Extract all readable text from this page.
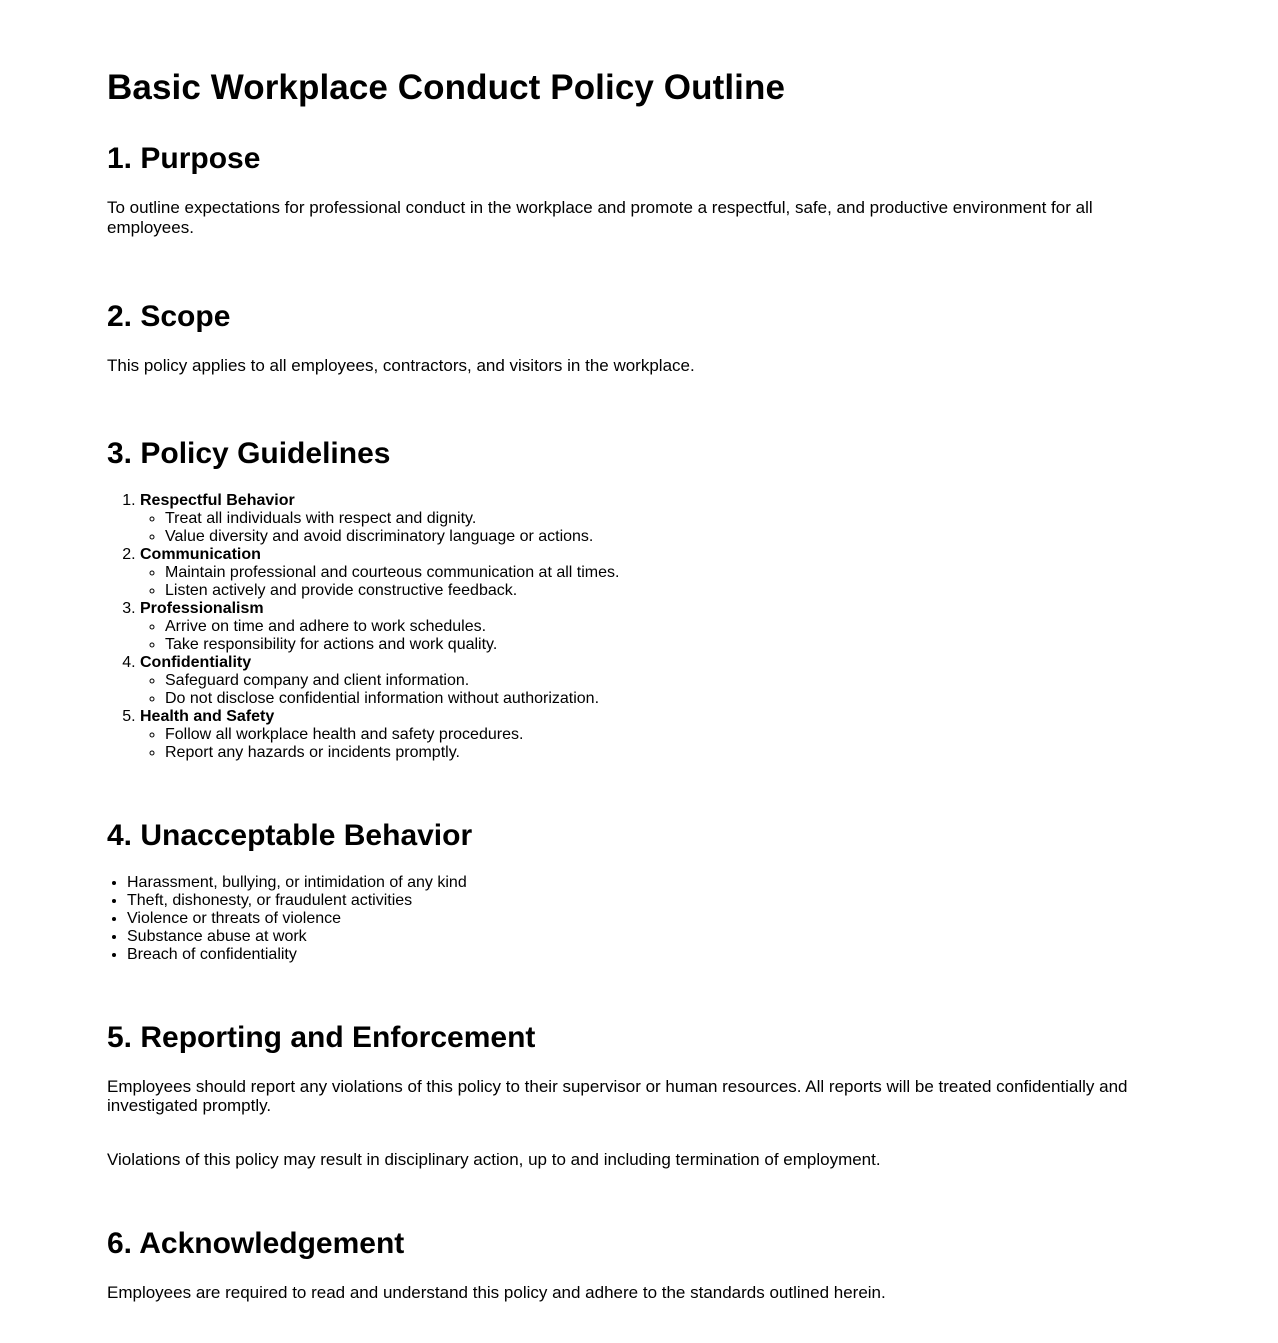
Basic Workplace Conduct Policy Outline
1. Purpose

To outline expectations for professional conduct in the workplace and promote a respectful, safe, and productive environment for all employees.

2. Scope

This policy applies to all employees, contractors, and visitors in the workplace.

3. Policy Guidelines
1. Respectful Behavior
◦ Treat all individuals with respect and dignity.
◦ Value diversity and avoid discriminatory language or actions.
2. Communication
◦ Maintain professional and courteous communication at all times.
◦ Listen actively and provide constructive feedback.
3. Professionalism
◦ Arrive on time and adhere to work schedules.
◦ Take responsibility for actions and work quality.
4. Confidentiality
◦ Safeguard company and client information.
◦ Do not disclose confidential information without authorization.
5. Health and Safety
◦ Follow all workplace health and safety procedures.
◦ Report any hazards or incidents promptly.
4. Unacceptable Behavior
• Harassment, bullying, or intimidation of any kind
• Theft, dishonesty, or fraudulent activities
• Violence or threats of violence
• Substance abuse at work
• Breach of confidentiality
5. Reporting and Enforcement

Employees should report any violations of this policy to their supervisor or human resources. All reports will be treated confidentially and investigated promptly.

Violations of this policy may result in disciplinary action, up to and including termination of employment.

6. Acknowledgement

Employees are required to read and understand this policy and adhere to the standards outlined herein.
